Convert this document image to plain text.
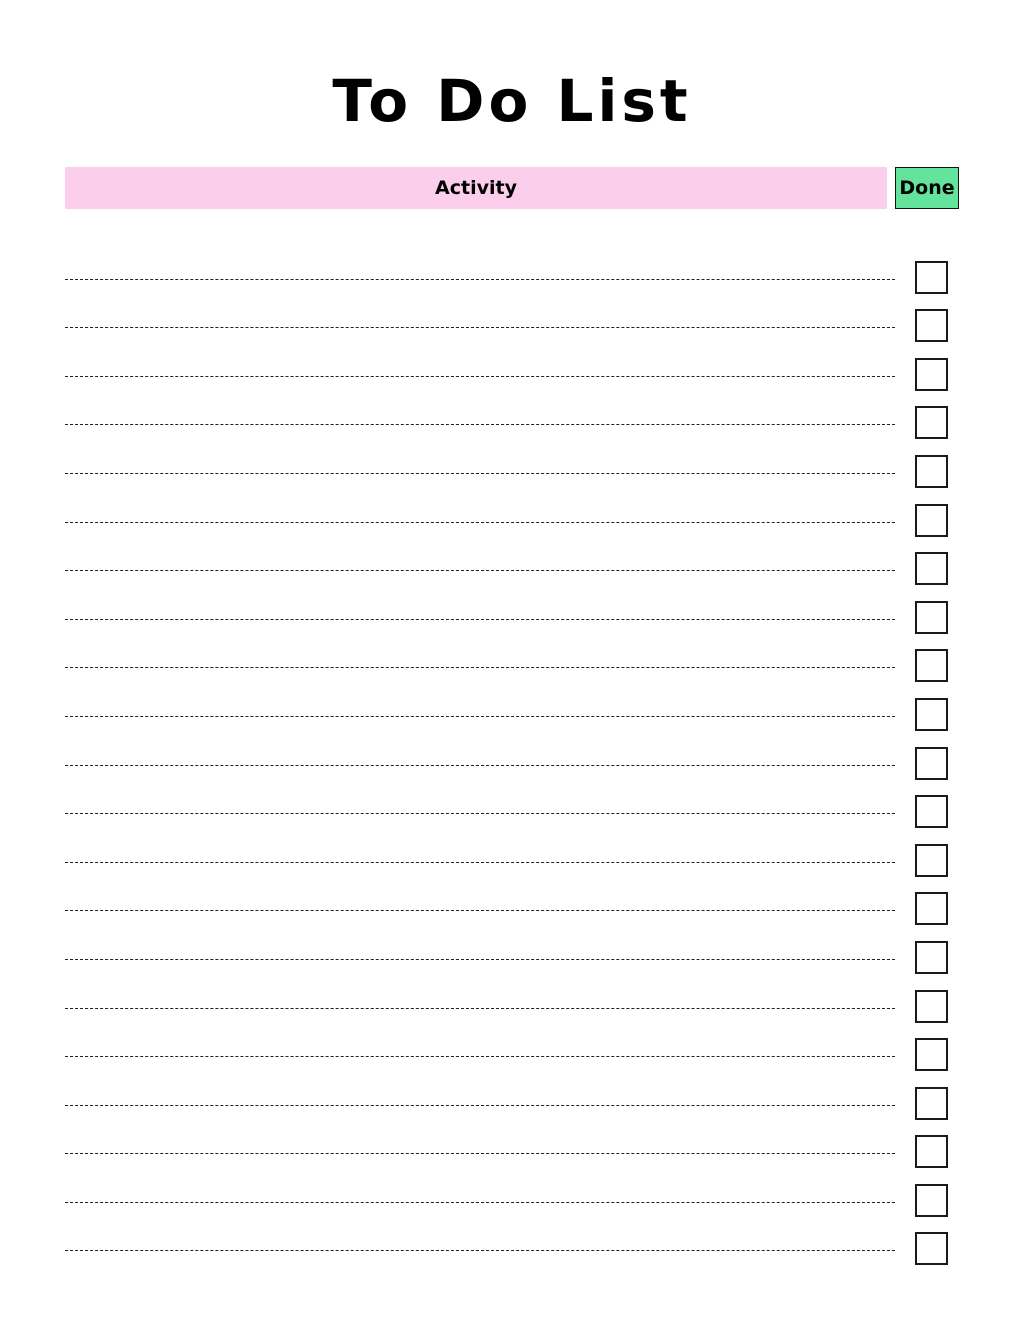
To Do List
Activity	Done
